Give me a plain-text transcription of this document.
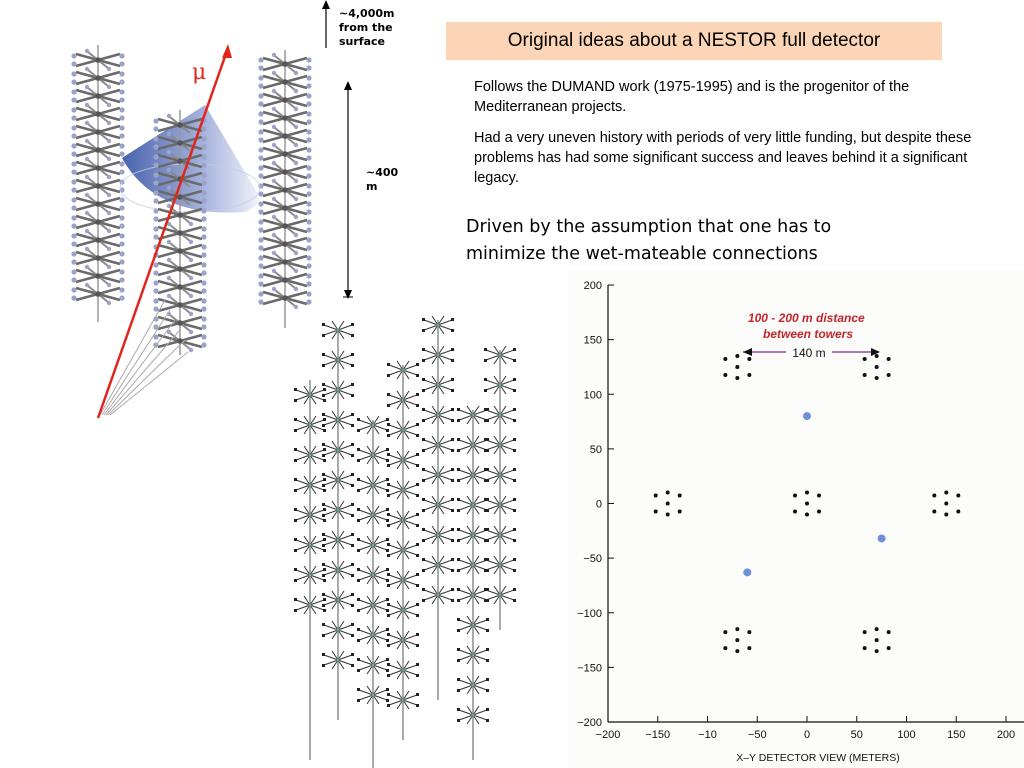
Original ideas about a NESTOR full detector
Follows the DUMAND work (1975-1995) and is the progenitor of the Mediterranean projects.
Had a very uneven history with periods of very little funding, but despite these problems has had some significant success and leaves behind it a significant legacy.
Driven by the assumption that one has to minimize the wet-mateable connections
~4,000m from the surface
~400 m
μ
200
150
100
50
0
−50
−100
−150
−200
−200 −150	−10	−50	0	50	100	150	200
100 - 200 m distance between towers
140 m
X–Y DETECTOR VIEW (METERS)
